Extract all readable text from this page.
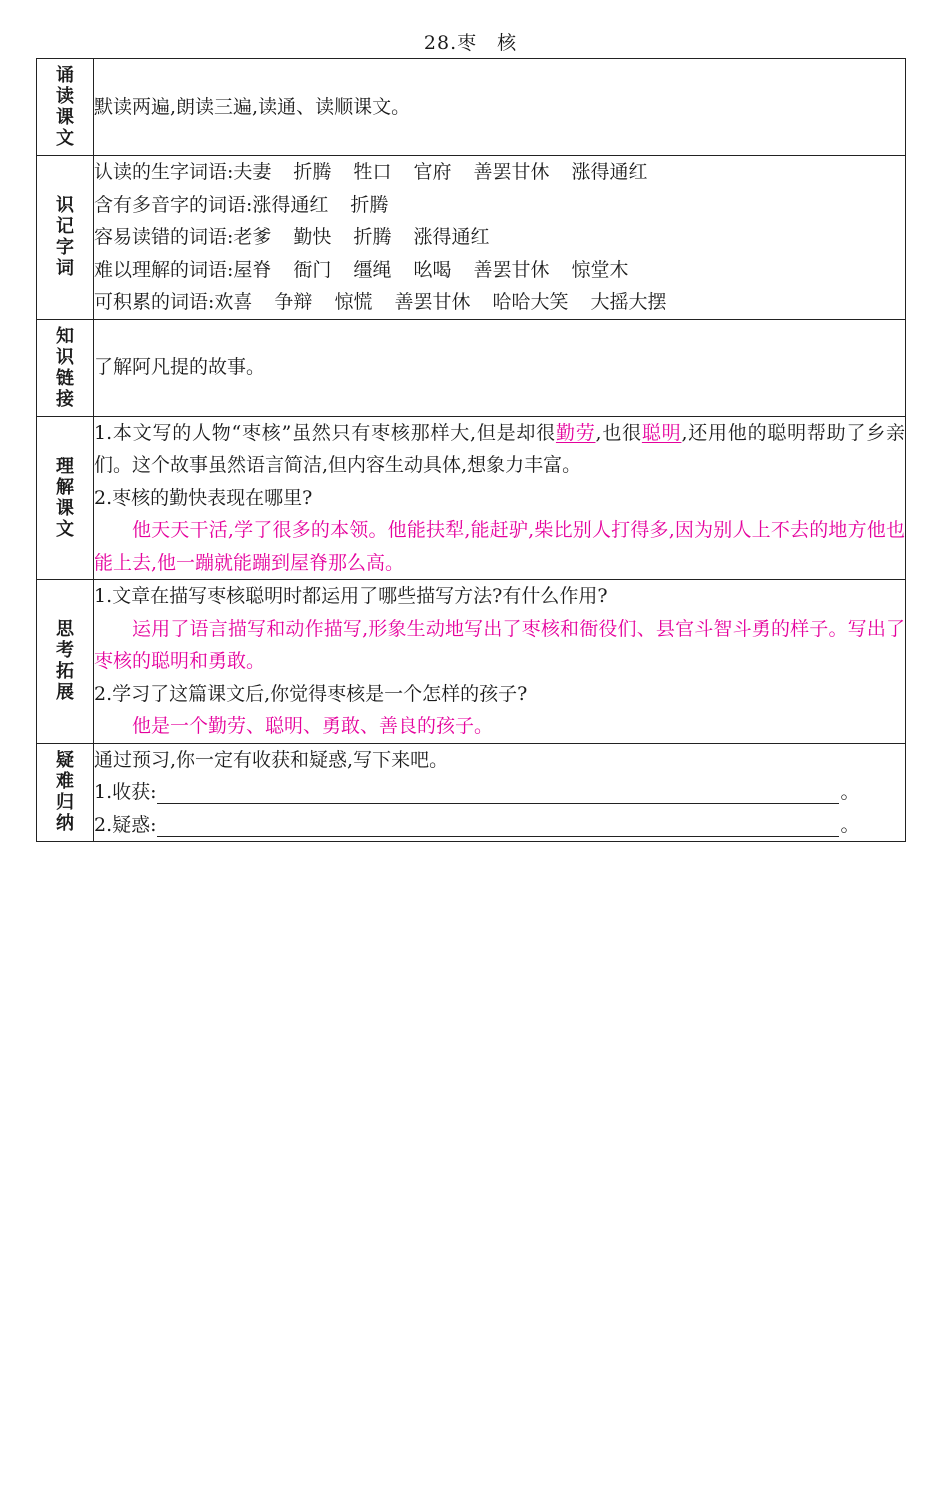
28.枣　核
诵读课文	默读两遍,朗读三遍,读通、读顺课文。

识记字词	认读的生字词语:夫妻 折腾 牲口 官府 善罢甘休 涨得通红
含有多音字的词语:涨得通红 折腾
容易读错的词语:老爹 勤快 折腾 涨得通红
难以理解的词语:屋脊 衙门 缰绳 吆喝 善罢甘休 惊堂木
可积累的词语:欢喜 争辩 惊慌 善罢甘休 哈哈大笑 大摇大摆

知识链接	了解阿凡提的故事。

理解课文	1.本文写的人物“枣核”虽然只有枣核那样大,但是却很勤劳,也很聪明,还用他的聪明帮助了乡亲们。这个故事虽然语言简洁,但内容生动具体,想象力丰富。
2.枣核的勤快表现在哪里?
他天天干活,学了很多的本领。他能扶犁,能赶驴,柴比别人打得多,因为别人上不去的地方他也能上去,他一蹦就能蹦到屋脊那么高。

思考拓展	1.文章在描写枣核聪明时都运用了哪些描写方法?有什么作用?
运用了语言描写和动作描写,形象生动地写出了枣核和衙役们、县官斗智斗勇的样子。写出了枣核的聪明和勇敢。
2.学习了这篇课文后,你觉得枣核是一个怎样的孩子?
他是一个勤劳、聪明、勇敢、善良的孩子。

疑难归纳	通过预习,你一定有收获和疑惑,写下来吧。
1.收获: 。
2.疑惑: 。
